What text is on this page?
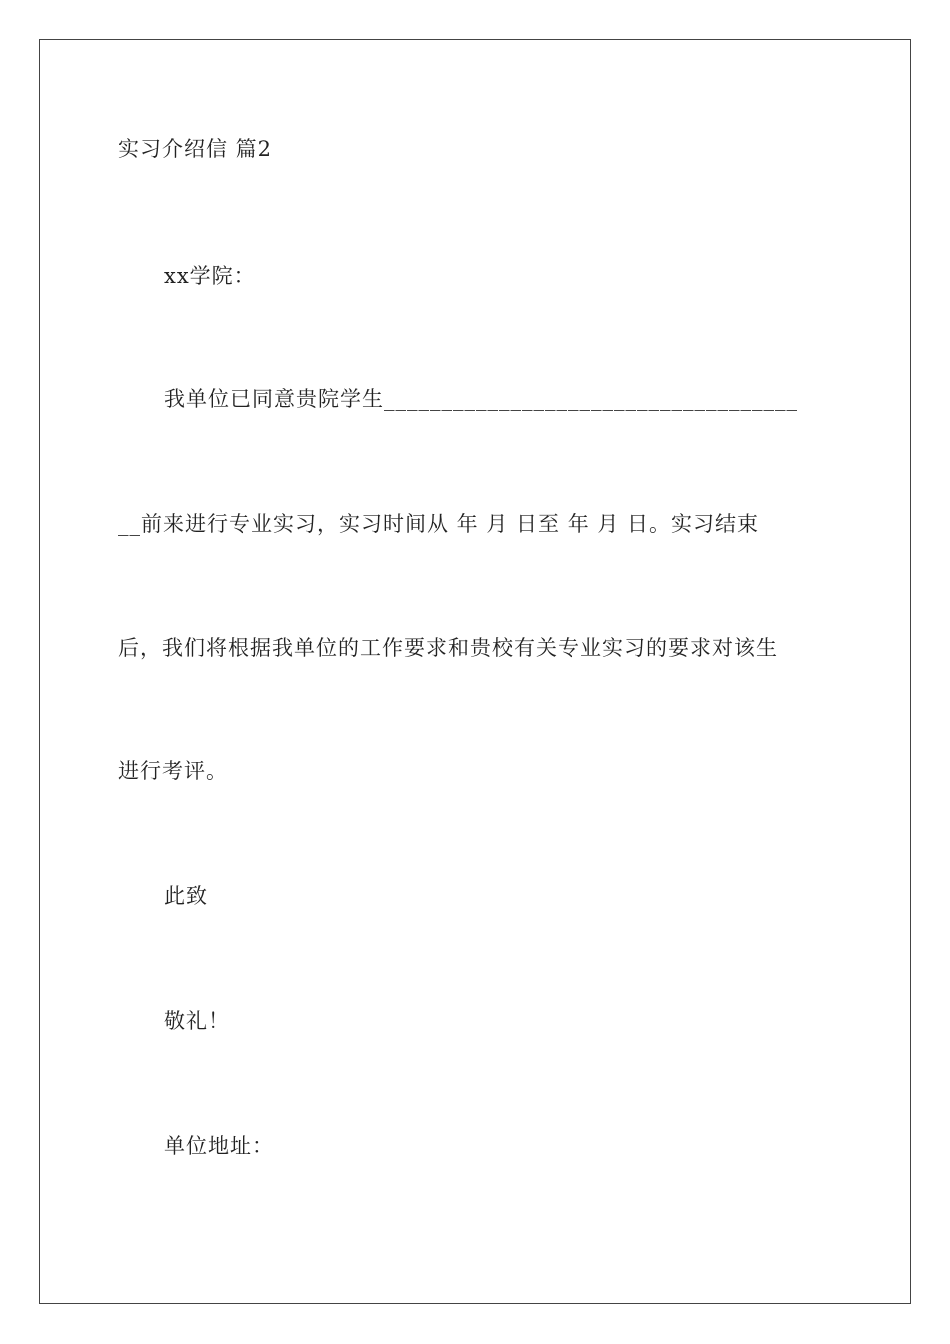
实习介绍信 篇2
xx学院：
我单位已同意贵院学生____________________________________
__前来进行专业实习，实习时间从 年 月 日至 年 月 日。实习结束
后，我们将根据我单位的工作要求和贵校有关专业实习的要求对该生
进行考评。
此致
敬礼！
单位地址：
